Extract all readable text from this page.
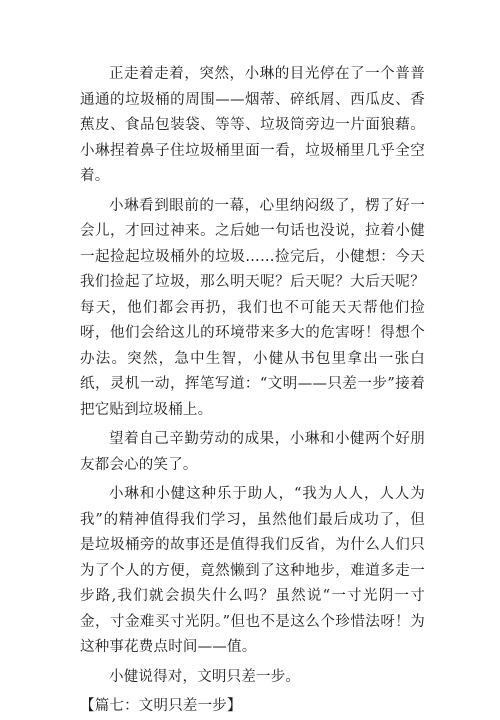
正走着走着，突然，小琳的目光停在了一个普普通通的垃圾桶的周围——烟蒂、碎纸屑、西瓜皮、香蕉皮、食品包装袋、等等、垃圾筒旁边一片面狼藉。小琳捏着鼻子住垃圾桶里面一看，垃圾桶里几乎全空着。

小琳看到眼前的一幕，心里纳闷级了，楞了好一会儿，才回过神来。之后她一句话也没说，拉着小健一起捡起垃圾桶外的垃圾……捡完后，小健想：今天我们捡起了垃圾，那么明天呢？后天呢？大后天呢？每天，他们都会再扔，我们也不可能天天帮他们捡呀，他们会给这儿的环境带来多大的危害呀！得想个办法。突然，急中生智，小健从书包里拿出一张白纸，灵机一动，挥笔写道：“文明——只差一步”接着把它贴到垃圾桶上。

望着自己辛勤劳动的成果，小琳和小健两个好朋友都会心的笑了。

小琳和小健这种乐于助人，“我为人人，人人为我”的精神值得我们学习，虽然他们最后成功了，但是垃圾桶旁的故事还是值得我们反省，为什么人们只为了个人的方便，竟然懒到了这种地步，难道多走一步路,我们就会损失什么吗？虽然说“一寸光阴一寸金，寸金难买寸光阴。”但也不是这么个珍惜法呀！为这种事花费点时间——值。

小健说得对，文明只差一步。

【篇七：文明只差一步】
